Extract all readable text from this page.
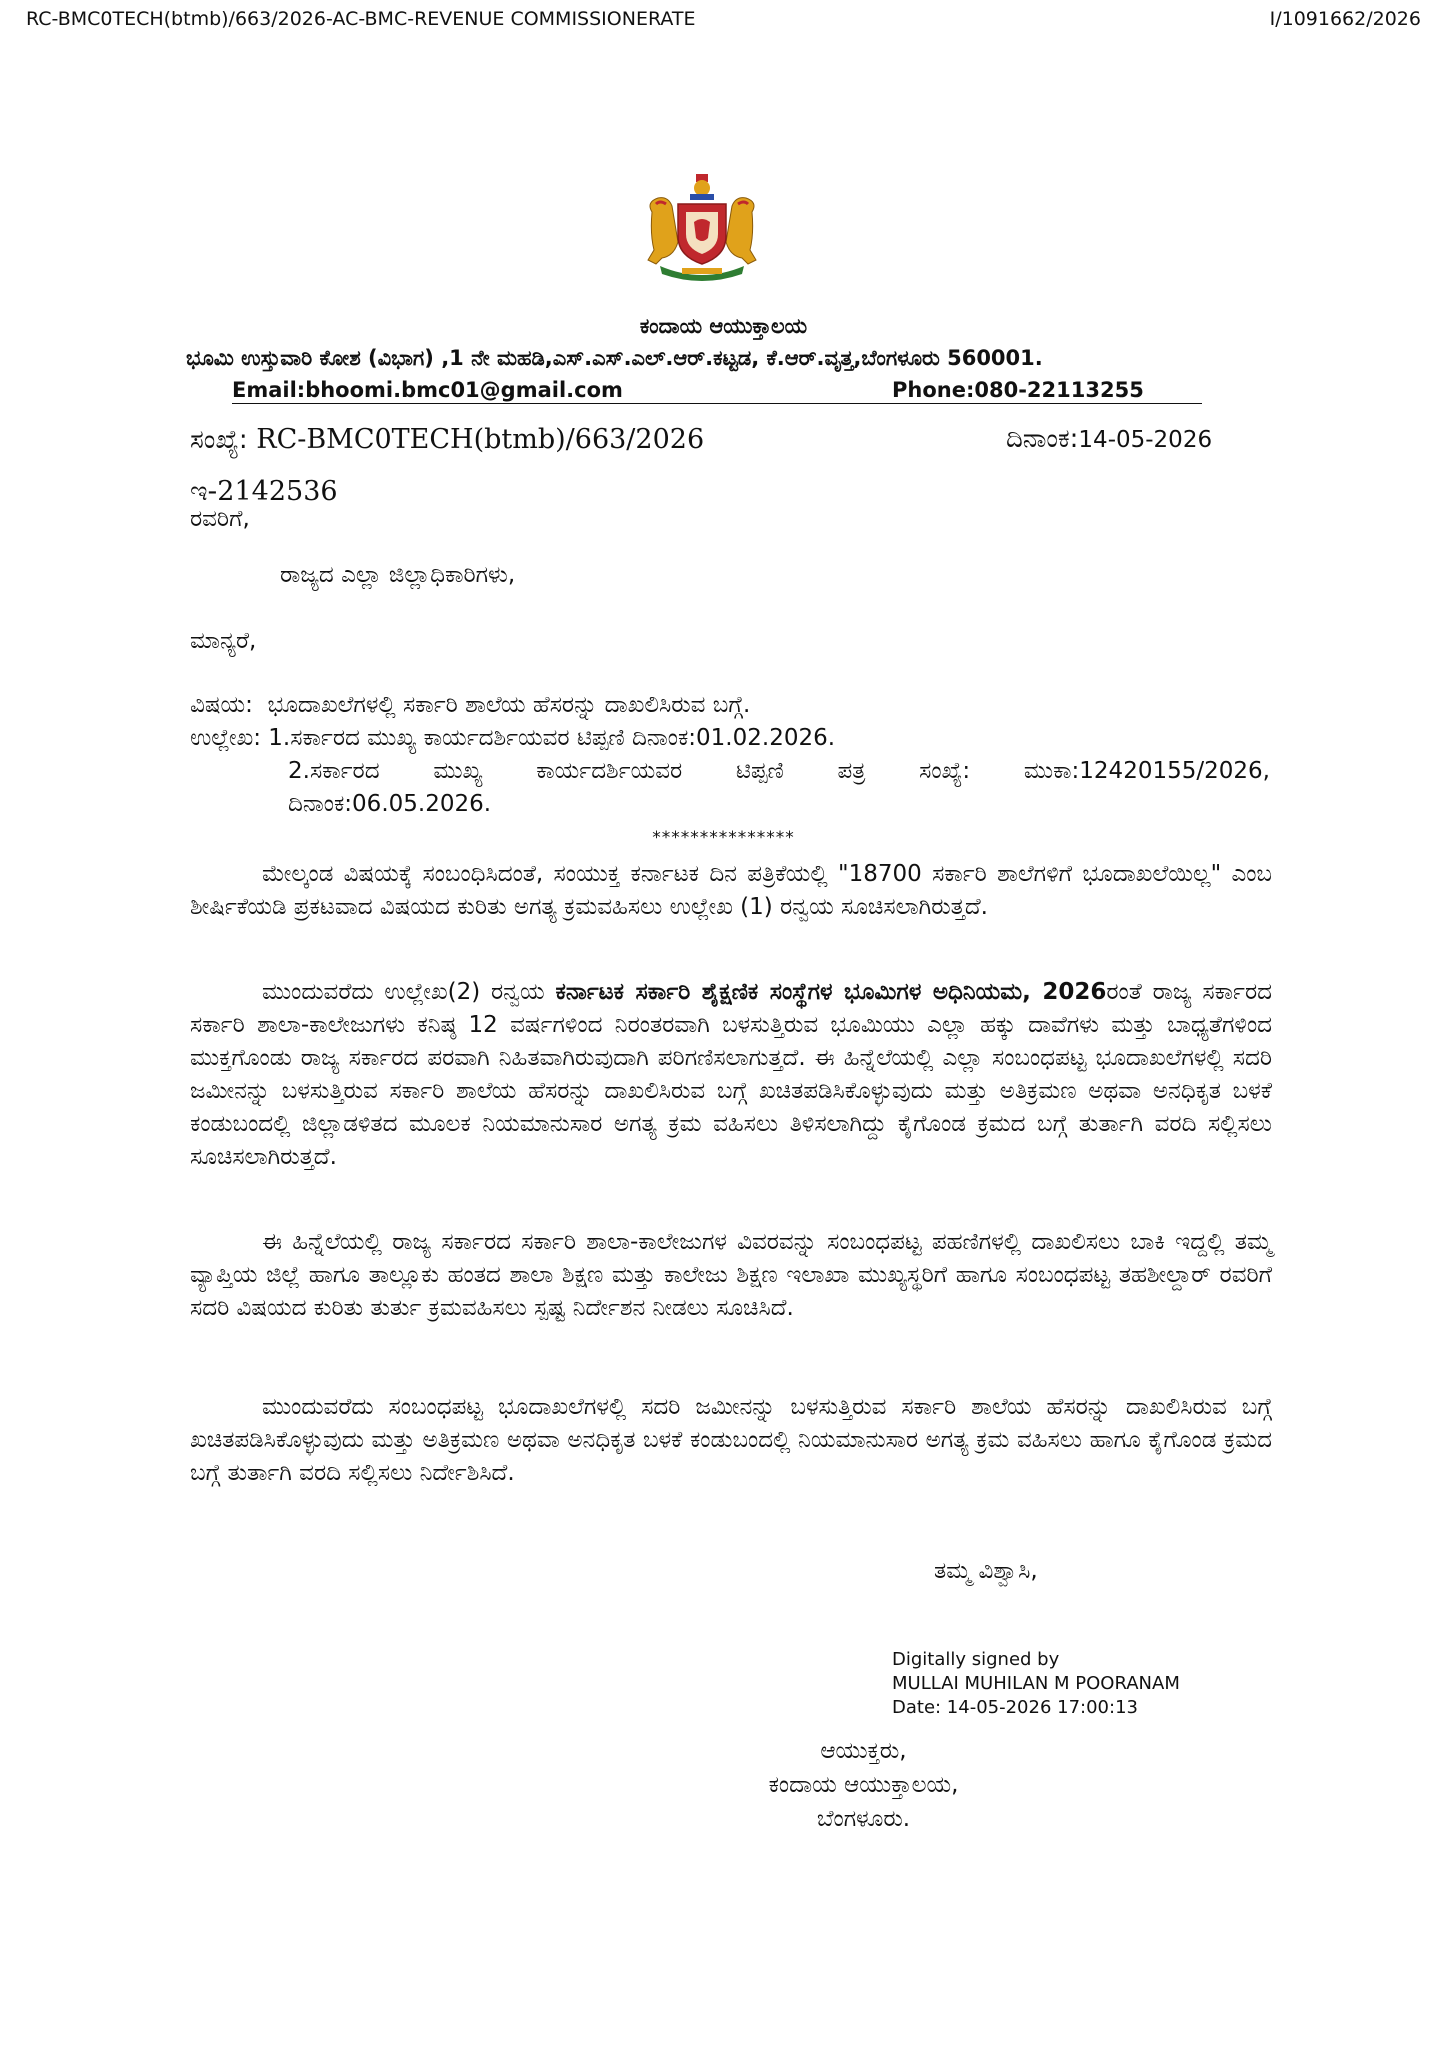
RC-BMC0TECH(btmb)/663/2026-AC-BMC-REVENUE COMMISSIONERATE	I/1091662/2026
ಕಂದಾಯ ಆಯುಕ್ತಾಲಯ
ಭೂಮಿ ಉಸ್ತುವಾರಿ ಕೋಶ (ವಿಭಾಗ) ,1 ನೇ ಮಹಡಿ,ಎಸ್.ಎಸ್.ಎಲ್.ಆರ್.ಕಟ್ಟಡ, ಕೆ.ಆರ್.ವೃತ್ತ,ಬೆಂಗಳೂರು 560001.
Email:bhoomi.bmc01@gmail.com	Phone:080-22113255
ಸಂಖ್ಯೆ: RC-BMC0TECH(btmb)/663/2026	ದಿನಾಂಕ:14-05-2026
ಇ-2142536
ರವರಿಗೆ,
ರಾಜ್ಯದ ಎಲ್ಲಾ ಜಿಲ್ಲಾಧಿಕಾರಿಗಳು,
ಮಾನ್ಯರೆ,
ವಿಷಯ: ಭೂದಾಖಲೆಗಳಲ್ಲಿ ಸರ್ಕಾರಿ ಶಾಲೆಯ ಹೆಸರನ್ನು ದಾಖಲಿಸಿರುವ ಬಗ್ಗೆ.
ಉಲ್ಲೇಖ: 1.ಸರ್ಕಾರದ ಮುಖ್ಯ ಕಾರ್ಯದರ್ಶಿಯವರ ಟಿಪ್ಪಣಿ ದಿನಾಂಕ:01.02.2026.
2.ಸರ್ಕಾರದ ಮುಖ್ಯ ಕಾರ್ಯದರ್ಶಿಯವರ ಟಿಪ್ಪಣಿ ಪತ್ರ ಸಂಖ್ಯೆ: ಮುಕಾ:12420155/2026,
ದಿನಾಂಕ:06.05.2026.
***************

ಮೇಲ್ಕಂಡ ವಿಷಯಕ್ಕೆ ಸಂಬಂಧಿಸಿದಂತೆ, ಸಂಯುಕ್ತ ಕರ್ನಾಟಕ ದಿನ ಪತ್ರಿಕೆಯಲ್ಲಿ "18700 ಸರ್ಕಾರಿ ಶಾಲೆಗಳಿಗೆ ಭೂದಾಖಲೆಯಿಲ್ಲ" ಎಂಬ ಶೀರ್ಷಿಕೆಯಡಿ ಪ್ರಕಟವಾದ ವಿಷಯದ ಕುರಿತು ಅಗತ್ಯ ಕ್ರಮವಹಿಸಲು ಉಲ್ಲೇಖ (1) ರನ್ವಯ ಸೂಚಿಸಲಾಗಿರುತ್ತದೆ.

ಮುಂದುವರೆದು ಉಲ್ಲೇಖ(2) ರನ್ವಯ ಕರ್ನಾಟಕ ಸರ್ಕಾರಿ ಶೈಕ್ಷಣಿಕ ಸಂಸ್ಥೆಗಳ ಭೂಮಿಗಳ ಅಧಿನಿಯಮ, 2026ರಂತೆ ರಾಜ್ಯ ಸರ್ಕಾರದ ಸರ್ಕಾರಿ ಶಾಲಾ-ಕಾಲೇಜುಗಳು ಕನಿಷ್ಠ 12 ವರ್ಷಗಳಿಂದ ನಿರಂತರವಾಗಿ ಬಳಸುತ್ತಿರುವ ಭೂಮಿಯು ಎಲ್ಲಾ ಹಕ್ಕು ದಾವೆಗಳು ಮತ್ತು ಬಾಧ್ಯತೆಗಳಿಂದ ಮುಕ್ತಗೊಂಡು ರಾಜ್ಯ ಸರ್ಕಾರದ ಪರವಾಗಿ ನಿಹಿತವಾಗಿರುವುದಾಗಿ ಪರಿಗಣಿಸಲಾಗುತ್ತದೆ. ಈ ಹಿನ್ನೆಲೆಯಲ್ಲಿ ಎಲ್ಲಾ ಸಂಬಂಧಪಟ್ಟ ಭೂದಾಖಲೆಗಳಲ್ಲಿ ಸದರಿ ಜಮೀನನ್ನು ಬಳಸುತ್ತಿರುವ ಸರ್ಕಾರಿ ಶಾಲೆಯ ಹೆಸರನ್ನು ದಾಖಲಿಸಿರುವ ಬಗ್ಗೆ ಖಚಿತಪಡಿಸಿಕೊಳ್ಳುವುದು ಮತ್ತು ಅತಿಕ್ರಮಣ ಅಥವಾ ಅನಧಿಕೃತ ಬಳಕೆ ಕಂಡುಬಂದಲ್ಲಿ ಜಿಲ್ಲಾಡಳಿತದ ಮೂಲಕ ನಿಯಮಾನುಸಾರ ಅಗತ್ಯ ಕ್ರಮ ವಹಿಸಲು ತಿಳಿಸಲಾಗಿದ್ದು ಕೈಗೊಂಡ ಕ್ರಮದ ಬಗ್ಗೆ ತುರ್ತಾಗಿ ವರದಿ ಸಲ್ಲಿಸಲು ಸೂಚಿಸಲಾಗಿರುತ್ತದೆ.

ಈ ಹಿನ್ನೆಲೆಯಲ್ಲಿ ರಾಜ್ಯ ಸರ್ಕಾರದ ಸರ್ಕಾರಿ ಶಾಲಾ-ಕಾಲೇಜುಗಳ ವಿವರವನ್ನು ಸಂಬಂಧಪಟ್ಟ ಪಹಣಿಗಳಲ್ಲಿ ದಾಖಲಿಸಲು ಬಾಕಿ ಇದ್ದಲ್ಲಿ ತಮ್ಮ ವ್ಯಾಪ್ತಿಯ ಜಿಲ್ಲೆ ಹಾಗೂ ತಾಲ್ಲೂಕು ಹಂತದ ಶಾಲಾ ಶಿಕ್ಷಣ ಮತ್ತು ಕಾಲೇಜು ಶಿಕ್ಷಣ ಇಲಾಖಾ ಮುಖ್ಯಸ್ಥರಿಗೆ ಹಾಗೂ ಸಂಬಂಧಪಟ್ಟ ತಹಶೀಲ್ದಾರ್ ರವರಿಗೆ ಸದರಿ ವಿಷಯದ ಕುರಿತು ತುರ್ತು ಕ್ರಮವಹಿಸಲು ಸ್ಪಷ್ಟ ನಿರ್ದೇಶನ ನೀಡಲು ಸೂಚಿಸಿದೆ.

ಮುಂದುವರೆದು ಸಂಬಂಧಪಟ್ಟ ಭೂದಾಖಲೆಗಳಲ್ಲಿ ಸದರಿ ಜಮೀನನ್ನು ಬಳಸುತ್ತಿರುವ ಸರ್ಕಾರಿ ಶಾಲೆಯ ಹೆಸರನ್ನು ದಾಖಲಿಸಿರುವ ಬಗ್ಗೆ ಖಚಿತಪಡಿಸಿಕೊಳ್ಳುವುದು ಮತ್ತು ಅತಿಕ್ರಮಣ ಅಥವಾ ಅನಧಿಕೃತ ಬಳಕೆ ಕಂಡುಬಂದಲ್ಲಿ ನಿಯಮಾನುಸಾರ ಅಗತ್ಯ ಕ್ರಮ ವಹಿಸಲು ಹಾಗೂ ಕೈಗೊಂಡ ಕ್ರಮದ ಬಗ್ಗೆ ತುರ್ತಾಗಿ ವರದಿ ಸಲ್ಲಿಸಲು ನಿರ್ದೇಶಿಸಿದೆ.

ತಮ್ಮ ವಿಶ್ವಾಸಿ,
Digitally signed by
MULLAI MUHILAN M POORANAM
Date: 14-05-2026 17:00:13
ಆಯುಕ್ತರು,
ಕಂದಾಯ ಆಯುಕ್ತಾಲಯ,
ಬೆಂಗಳೂರು.
